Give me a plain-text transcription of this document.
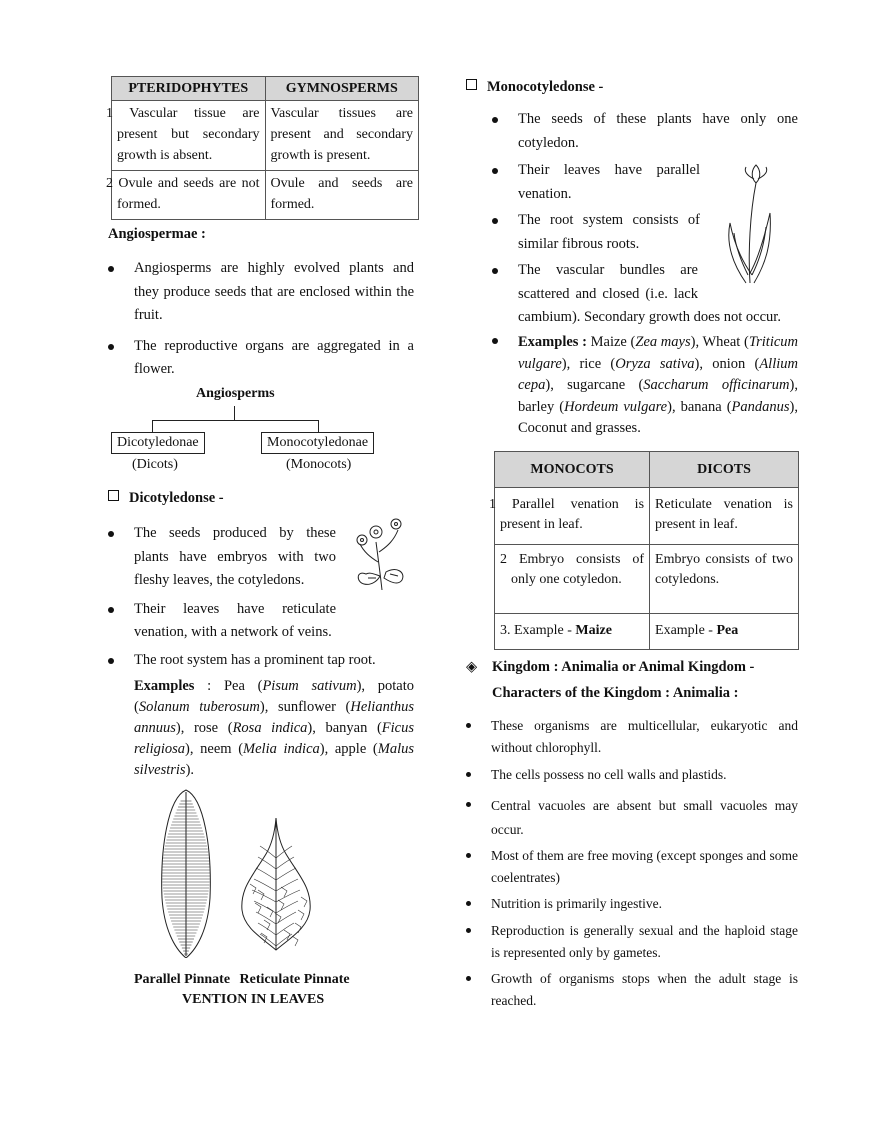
PTERIDOPHYTES	GYMNOSPERMS
1 Vascular tissue are present but secondary growth is absent.	Vascular tissues are present and secondary growth is present.
2 Ovule and seeds are not formed.	Ovule and seeds are formed.

Angiospermae :

Angiosperms are highly evolved plants and they produce seeds that are enclosed within the fruit.
The reproductive organs are aggregated in a flower.
Angiosperms
Dicotyledonae	Monocotyledonae
(Dicots)	(Monocots)

Dicotyledonse -

The seeds produced by these plants have embryos with two fleshy leaves, the cotyledons.
Their leaves have reticulate venation, with a network of veins.
The root system has a prominent tap root.

Examples : Pea (Pisum sativum), potato (Solanum tuberosum), sunflower (Helianthus annuus), rose (Rosa indica), banyan (Ficus religiosa), neem (Melia indica), apple (Malus silvestris).

Parallel Pinnate Reticulate Pinnate
VENTION IN LEAVES

Monocotyledonse -

The seeds of these plants have only one cotyledon.
Their leaves have parallel venation.
The root system consists of similar fibrous roots.
The vascular bundles are scattered and closed (i.e. lack cambium). Secondary growth does not occur.

Examples : Maize (Zea mays), Wheat (Triticum vulgare), rice (Oryza sativa), onion (Allium cepa), sugarcane (Saccharum officinarum), barley (Hordeum vulgare), banana (Pandanus), Coconut and grasses.

MONOCOTS	DICOTS
1 Parallel venation is present in leaf.	Reticulate venation is present in leaf.
2 Embryo consists of only one cotyledon.	Embryo consists of two cotyledons.
3. Example - Maize	Example - Pea

◈ Kingdom : Animalia or Animal Kingdom -

Characters of the Kingdom : Animalia :

These organisms are multicellular, eukaryotic and without chlorophyll.
The cells possess no cell walls and plastids.
Central vacuoles are absent but small vacuoles may occur.
Most of them are free moving (except sponges and some coelentrates)
Nutrition is primarily ingestive.
Reproduction is generally sexual and the haploid stage is represented only by gametes.
Growth of organisms stops when the adult stage is reached.
